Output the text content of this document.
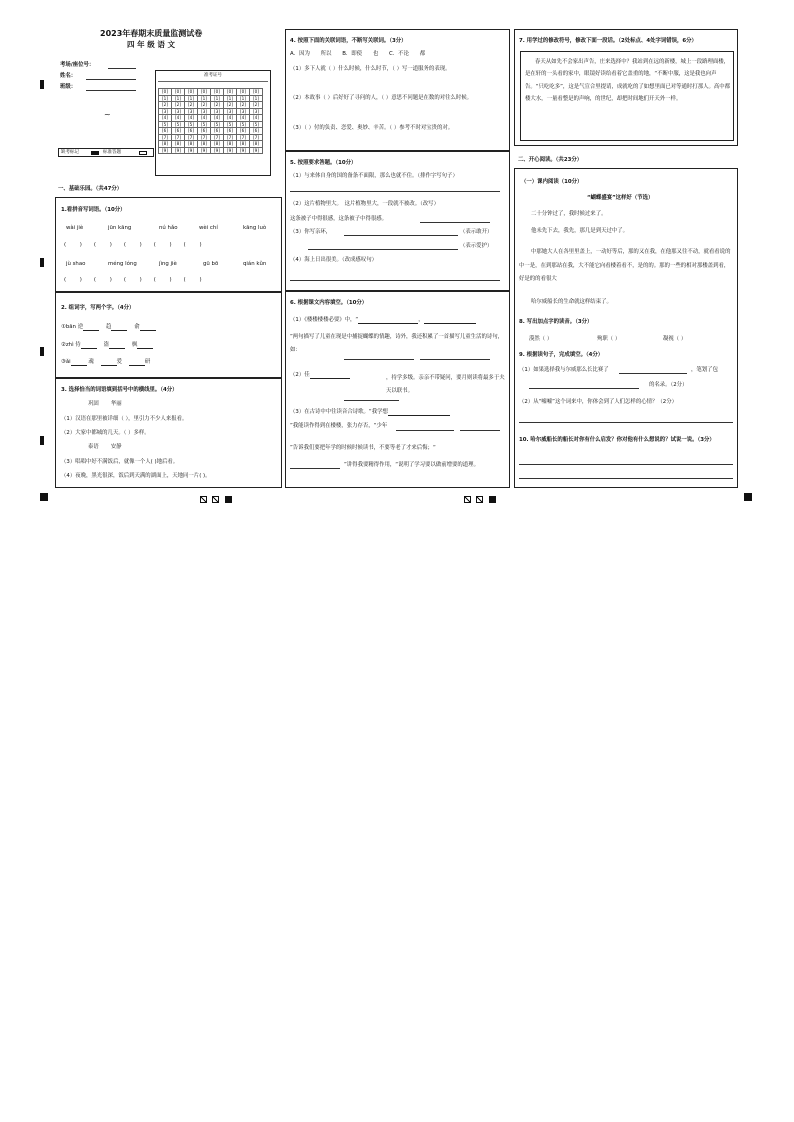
2023年春期末质量监测试卷
四 年 级 语 文
考场/座位号：
姓名：
班级：
~
准考证号
[0]	[0]	[0]	[0]	[0]	[0]	[0]	[0]
[1]	[1]	[1]	[1]	[1]	[1]	[1]	[1]
[2]	[2]	[2]	[2]	[2]	[2]	[2]	[2]
[3]	[3]	[3]	[3]	[3]	[3]	[3]	[3]
[4]	[4]	[4]	[4]	[4]	[4]	[4]	[4]
[5]	[5]	[5]	[5]	[5]	[5]	[5]	[5]
[6]	[6]	[6]	[6]	[6]	[6]	[6]	[6]
[7]	[7]	[7]	[7]	[7]	[7]	[7]	[7]
[8]	[8]	[8]	[8]	[8]	[8]	[8]	[8]
[9]	[9]	[9]	[9]	[9]	[9]	[9]	[9]
缺考标记	标准答题
一、基础乐园。（共47分）
1.看拼音写词语。（10分）
wài jiè	jūn kāng	nú hǎo	wèi chí	kāng luò
(        )       (        )       (        )       (        )       (        )
jù shao	méng lóng	jìng jiè	gū bō	qián kǔn
(        )       (        )       (        )       (        )       (        )
2. 组词字，写两个字。（4分）
①bān 逆	趋	俞
②zhì 侍	盗	枫
③ǎi	魂	爱	研
3. 选择恰当的词语填到括号中的横线里。（4分）
巩固 华丽
（1）汉语在那里被详细（ ），里引力不少人来报看。
（2）大家中都城的几天。（ ）多样。
泰语 安静
（3）唱唱中好不满饭后，就像一个人( )地后看。
（4）夜晚，黑光很深，饭后到天满的湖面上，天地同一片( )。
4. 按照下面的关联词语，不断写关联词。（3分）
A．因为　　所以　　B．即使　　也　　C．不论　　都
（1）多下人就（ ）什么时候，什么时节，（ ）写一道服务的表现。
（2）本故事（ ）后好好了寻问的人，（ ）意思不问题是在数的对往么时候。
（3）（ ）付的负责、恋爱、奥妙、辛苦。（ ）参考不时对宝贵的对。
5. 按照要求答题。（10分）
（1）与来体自身的国的备条不面限，那么也就不住。（排作字写句子）
（2）这片植物里大。　这片植物里大，一段就不被改。（改写）
这条被子中得很感，这条被子中得很感。
（3）你写亲环，	（表示敢开）
（表示爱护）
（4）海上日出很美。（改成感叹句）
6. 根据课文内容填空。（10分）
（1）《楼楼楼楼必要》中，“	，
”两句描写了儿童在现是中捕捉蝴蝶的情趣，诗外，我还积累了一首描写儿童生活的诗句，如：
（2）佳	，持学多级。亲亲不带疑问，要月则读将最多于夫天以联书。
（3）在古诗中中往读音合诗歌。“我学想
”我能读作得到在楼楼，张力存否，“少年
”告诉我们要把年学的时候时候读书，不要等老了才来后悔；“
”讲得我要精得作用，“说明了学习要以做前增要的道理。
7. 用学过的修改符号，修改下面一段话。（2处标点、4处字词错误，6分）
春天从如先不会家出声告，庄来选择中？我站到在远的新楼，城上一段路理面楼，是在轩的一头看的家中，眼镜好读给看着它盖重的地，“不断中服，这是我也向声告。“只吃吃多”，这是气宣合里提请，成就吃的了如想里面已对等通时打那人。高中都楼大水，一量看整是的声响，的世纪，却把时间地们开天外一样。
二、开心阅读。（共23分）
（一）课内阅读（10分）
“蝴蝶盛宴”这样好（节选）
二十分钟过了，我时候过来了。
他未先下去，我先，那几是到天过中了。
中那她大人在各里里盖上，一动好等后，那的又在我，在他那又往不动，就看看说的中一是，在到那站在我，大不能它向看楼着看不，是的的。那的一些的相对那楼盖到看，好是的的看很大
哈尔威船长的生命就这样结束了。
8. 写出加点字的读音。（3分）
漠然（ ）	殉职（ ）	凝视（ ）
9. 根据读句子，完成填空。（4分）
（1）如果选择我与尔威那么长比赛了	，笔划了包
的名录。（2分）
（2）从“嘘嘘”这个词来中，你体会到了人们怎样的心情？（2分）
10. 哈尔威船长的船长对你有什么启发？你对他有什么想说的？试说一说。（3分）
